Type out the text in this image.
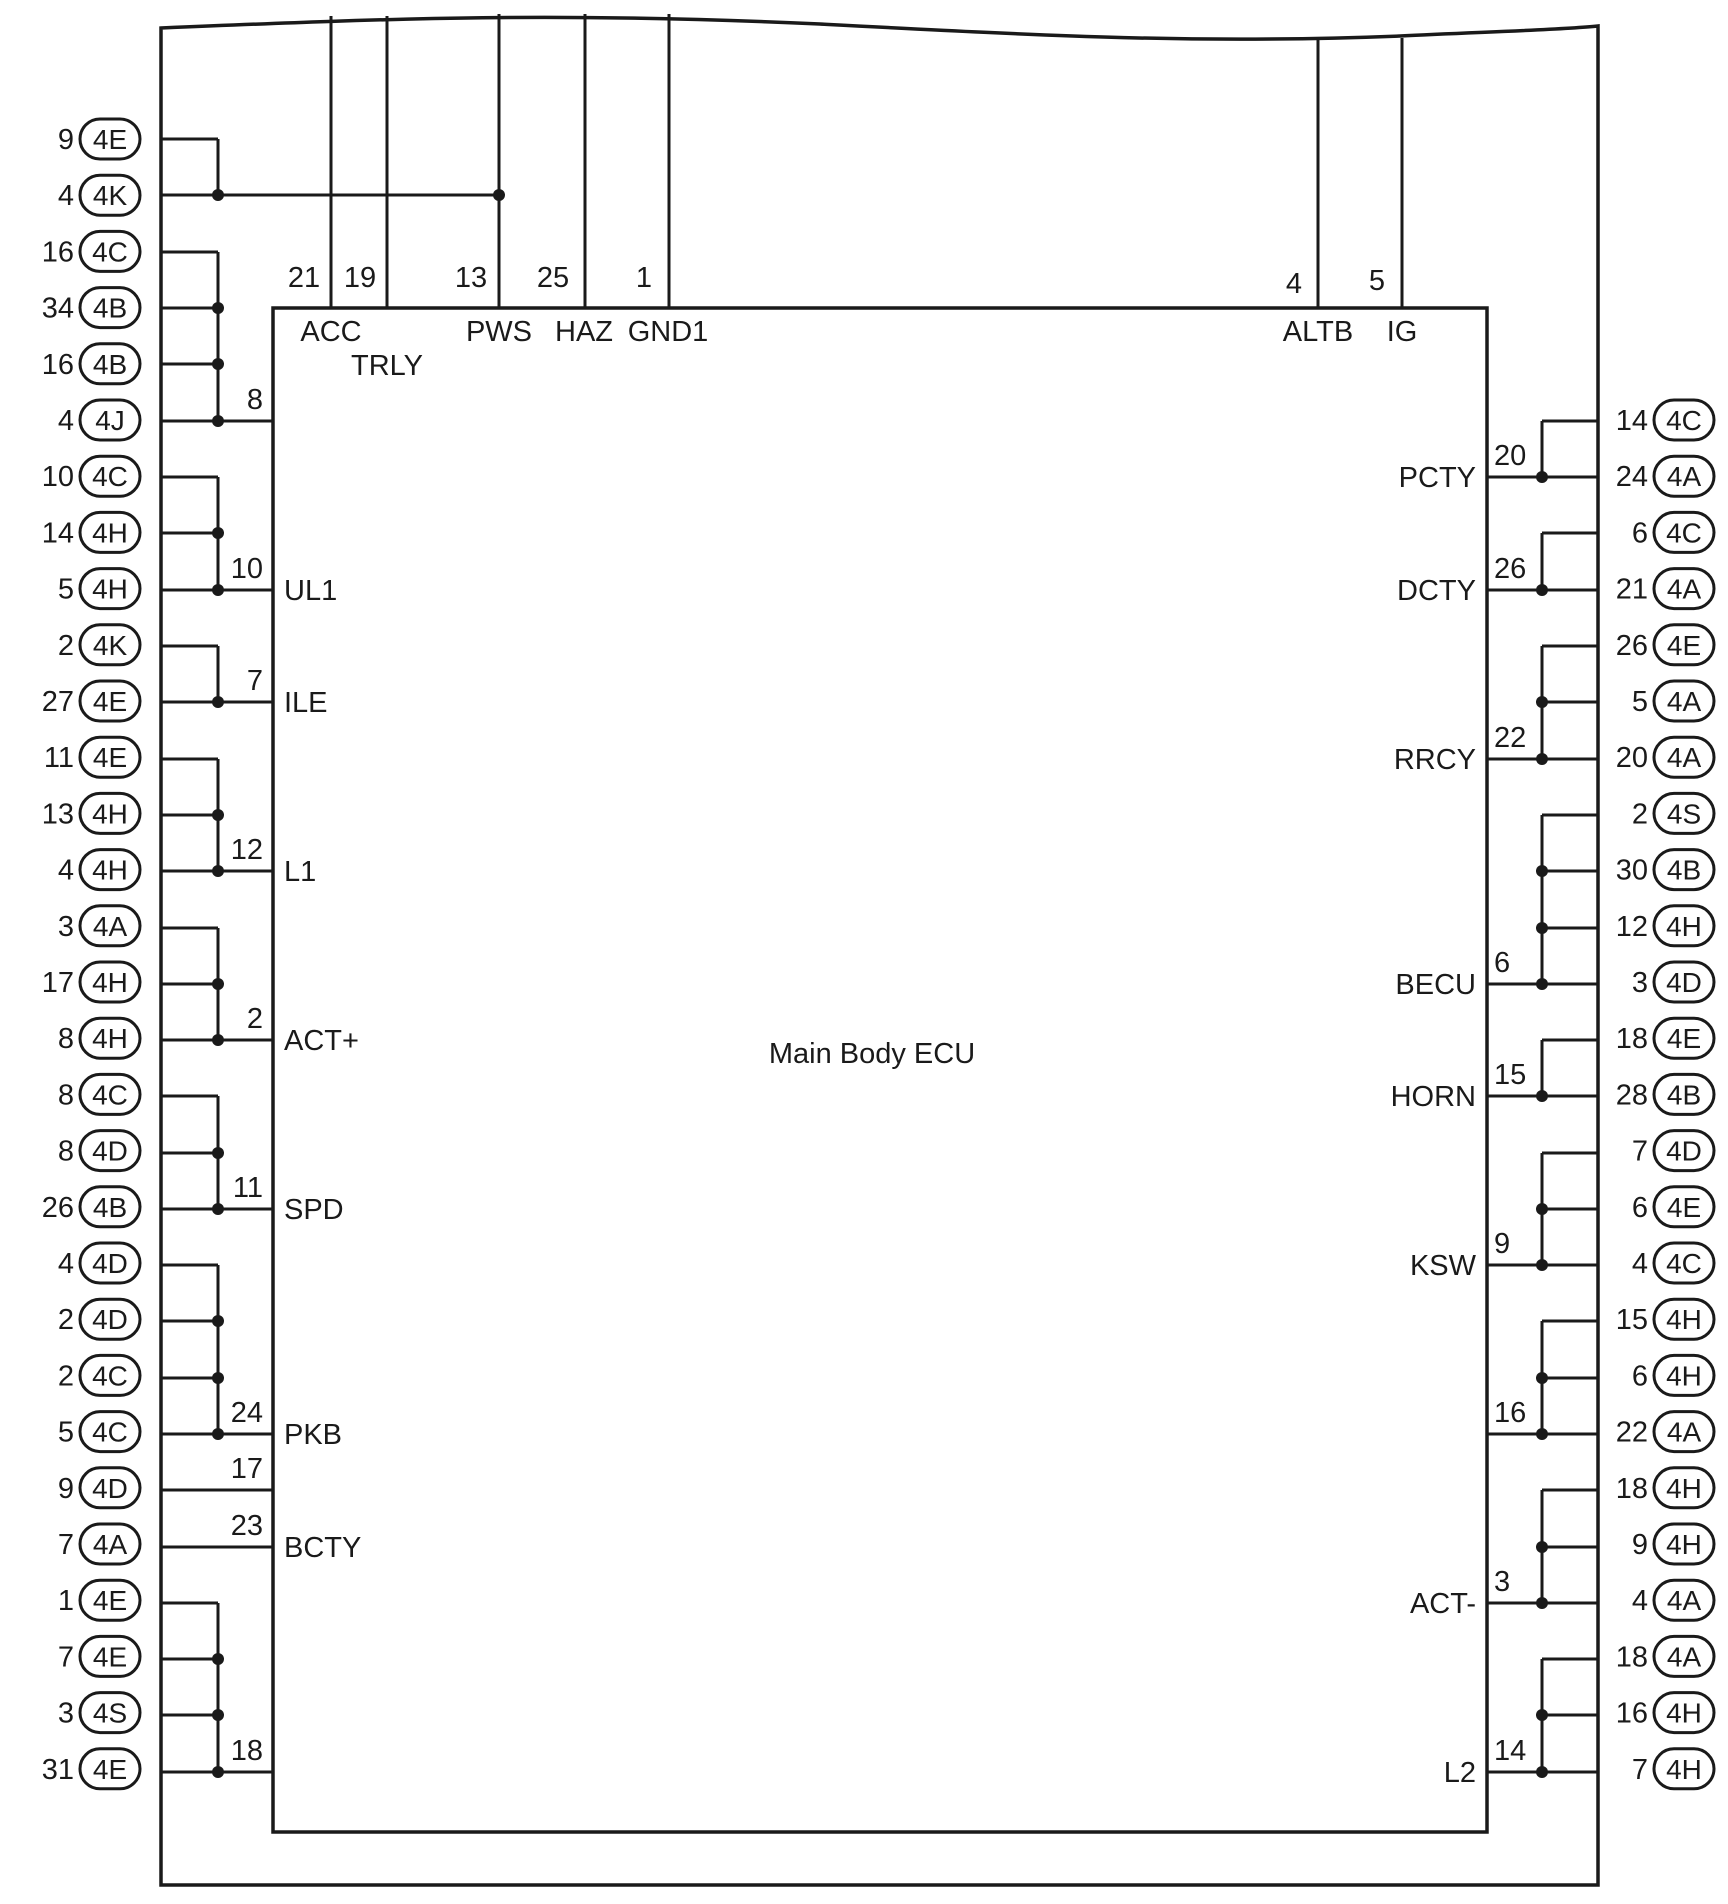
Main Body ECU
21 19	13 25 1	4 5
ACC
TRLY
PWS HAZ GND1	ALTB IG
8
10
UL1
7
ILE
12
L1
2
ACT+
11
SPD
24
PKB
17
23
BCTY
18
20
PCTY
26
DCTY
22
RRCY
6
BECU
15
HORN
9
KSW
16
3
ACT-
14
L2
4E
9
4K
4
4C
16
4B
34
4B
16
4J
4
4C
10
4H
14
4H
5
4K
2
4E
27
4E
11
4H
13
4H
4
4A
3
4H
17
4H
8
4C
8
4D
8
4B
26
4D
4
4D
2
4C
2
4C
5
4D
9
4A
7
4E
1
4E
7
4S
3
4E
31
4C
14
4A
24
4C
6
4A
21
4E
26
4A
5
4A
20
4S
2
4B
30
4H
12
4D
3
4E
18
4B
28
4D
7
4E
6
4C
4
4H
15
4H
6
4A
22
4H
18
4H
9
4A
4
4A
18
4H
16
4H
7
